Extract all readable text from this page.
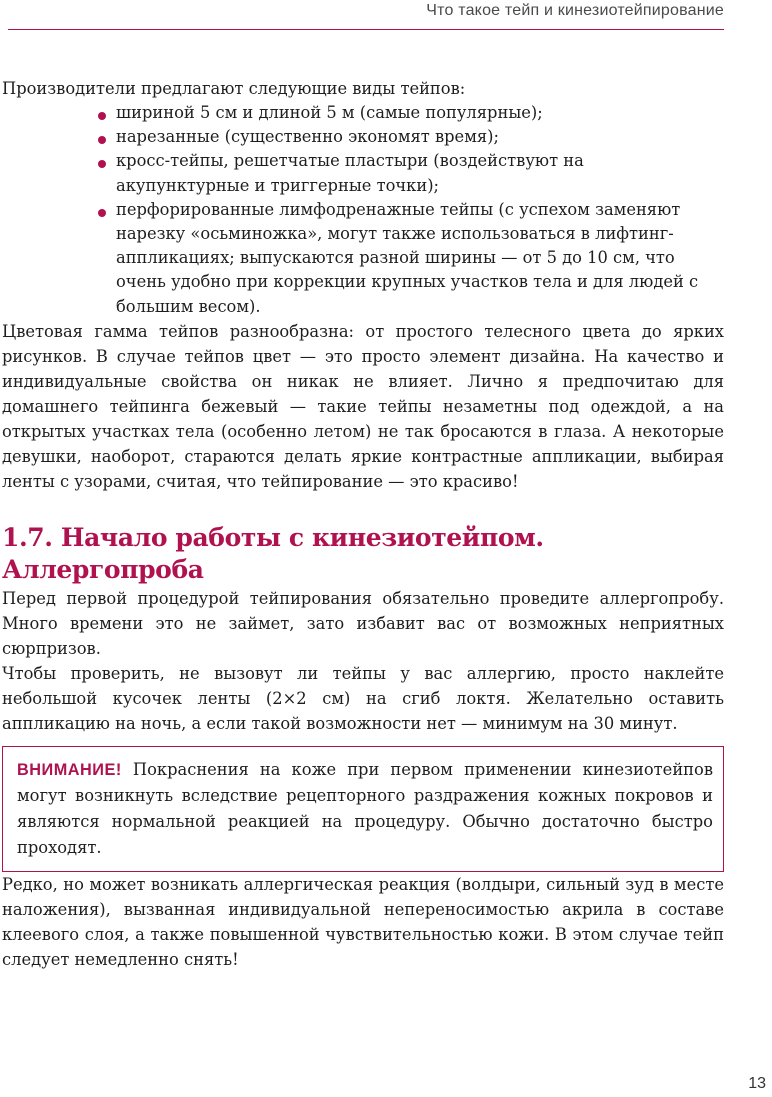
Что такое тейп и кинезиотейпирование

Производители предлагают следующие виды тейпов:

шириной 5 см и длиной 5 м (самые популярные);
нарезанные (существенно экономят время);
кросс-тейпы, решетчатые пластыри (воздействуют на акупунктурные и триггерные точки);
перфорированные лимфодренажные тейпы (с успехом заменяют нарезку «осьминожка», могут также использоваться в лифтинг-аппликациях; выпускаются разной ширины — от 5 до 10 см, что очень удобно при коррекции крупных участков тела и для людей с большим весом).

Цветовая гамма тейпов разнообразна: от простого телесного цвета до ярких рисунков. В случае тейпов цвет — это просто элемент дизайна. На качество и индивидуальные свойства он никак не влияет. Лично я предпочитаю для домашнего тейпинга бежевый — такие тейпы незаметны под одеждой, а на открытых участках тела (особенно летом) не так бросаются в глаза. А некоторые девушки, наоборот, стараются делать яркие контрастные аппликации, выбирая ленты с узорами, считая, что тейпирование — это красиво!

1.7. Начало работы с кинезиотейпом. Аллергопроба

Перед первой процедурой тейпирования обязательно проведите аллергопробу. Много времени это не займет, зато избавит вас от возможных неприятных сюрпризов.

Чтобы проверить, не вызовут ли тейпы у вас аллергию, просто наклейте небольшой кусочек ленты (2×2 см) на сгиб локтя. Желательно оставить аппликацию на ночь, а если такой возможности нет — минимум на 30 минут.

ВНИМАНИЕ! Покраснения на коже при первом применении кинезиотейпов могут возникнуть вследствие рецепторного раздражения кожных покровов и являются нормальной реакцией на процедуру. Обычно достаточно быстро проходят.

Редко, но может возникать аллергическая реакция (волдыри, сильный зуд в месте наложения), вызванная индивидуальной непереносимостью акрила в составе клеевого слоя, а также повышенной чувствительностью кожи. В этом случае тейп следует немедленно снять!

13
